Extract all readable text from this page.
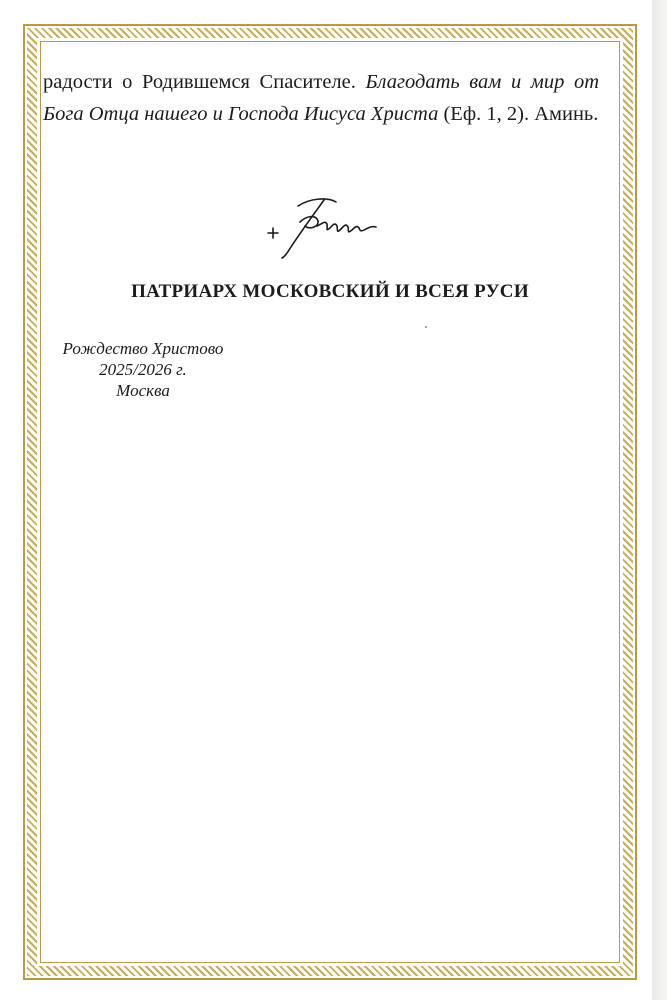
радости о Родившемся Спасителе. Благодать вам и мир от Бога Отца нашего и Господа Иисуса Христа (Еф. 1, 2). Аминь.

ПАТРИАРХ МОСКОВСКИЙ И ВСЕЯ РУСИ
Рождество Христово
2025/2026 г.
Москва
